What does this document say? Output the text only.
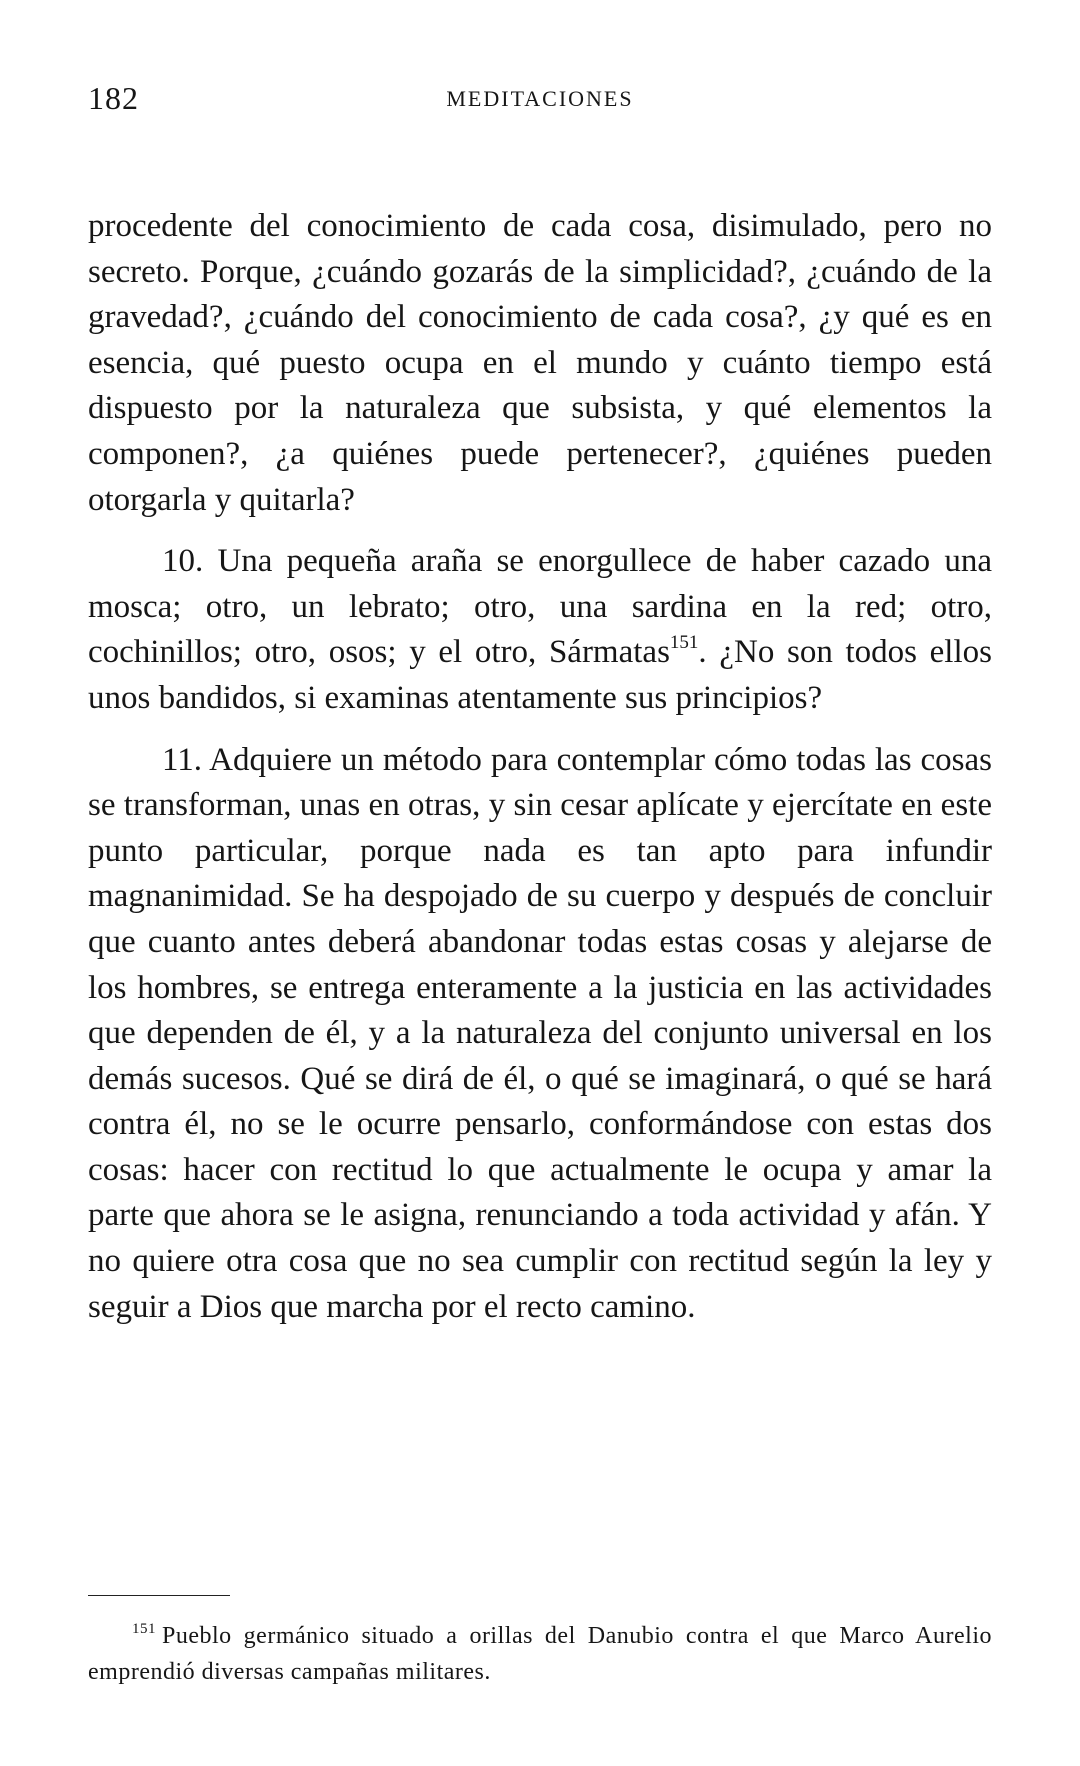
182	MEDITACIONES

procedente del conocimiento de cada cosa, disimulado, pero no secreto. Porque, ¿cuándo gozarás de la simplicidad?, ¿cuándo de la gravedad?, ¿cuándo del conocimiento de cada cosa?, ¿y qué es en esencia, qué puesto ocupa en el mundo y cuánto tiempo está dispuesto por la naturaleza que subsista, y qué elementos la componen?, ¿a quiénes puede pertenecer?, ¿quiénes pueden otorgarla y quitarla?

10. Una pequeña araña se enorgullece de haber cazado una mosca; otro, un lebrato; otro, una sardina en la red; otro, cochinillos; otro, osos; y el otro, Sármatas$^{151}$. ¿No son todos ellos unos bandidos, si examinas atentamente sus principios?

11. Adquiere un método para contemplar cómo todas las cosas se transforman, unas en otras, y sin cesar aplícate y ejercítate en este punto particular, porque nada es tan apto para infundir magnanimidad. Se ha despojado de su cuerpo y después de concluir que cuanto antes deberá abandonar todas estas cosas y alejarse de los hombres, se entrega enteramente a la justicia en las actividades que dependen de él, y a la naturaleza del conjunto universal en los demás sucesos. Qué se dirá de él, o qué se imaginará, o qué se hará contra él, no se le ocurre pensarlo, conformándose con estas dos cosas: hacer con rectitud lo que actualmente le ocupa y amar la parte que ahora se le asigna, renunciando a toda actividad y afán. Y no quiere otra cosa que no sea cumplir con rectitud según la ley y seguir a Dios que marcha por el recto camino.

$^{151}$ Pueblo germánico situado a orillas del Danubio contra el que Marco Aurelio emprendió diversas campañas militares.
